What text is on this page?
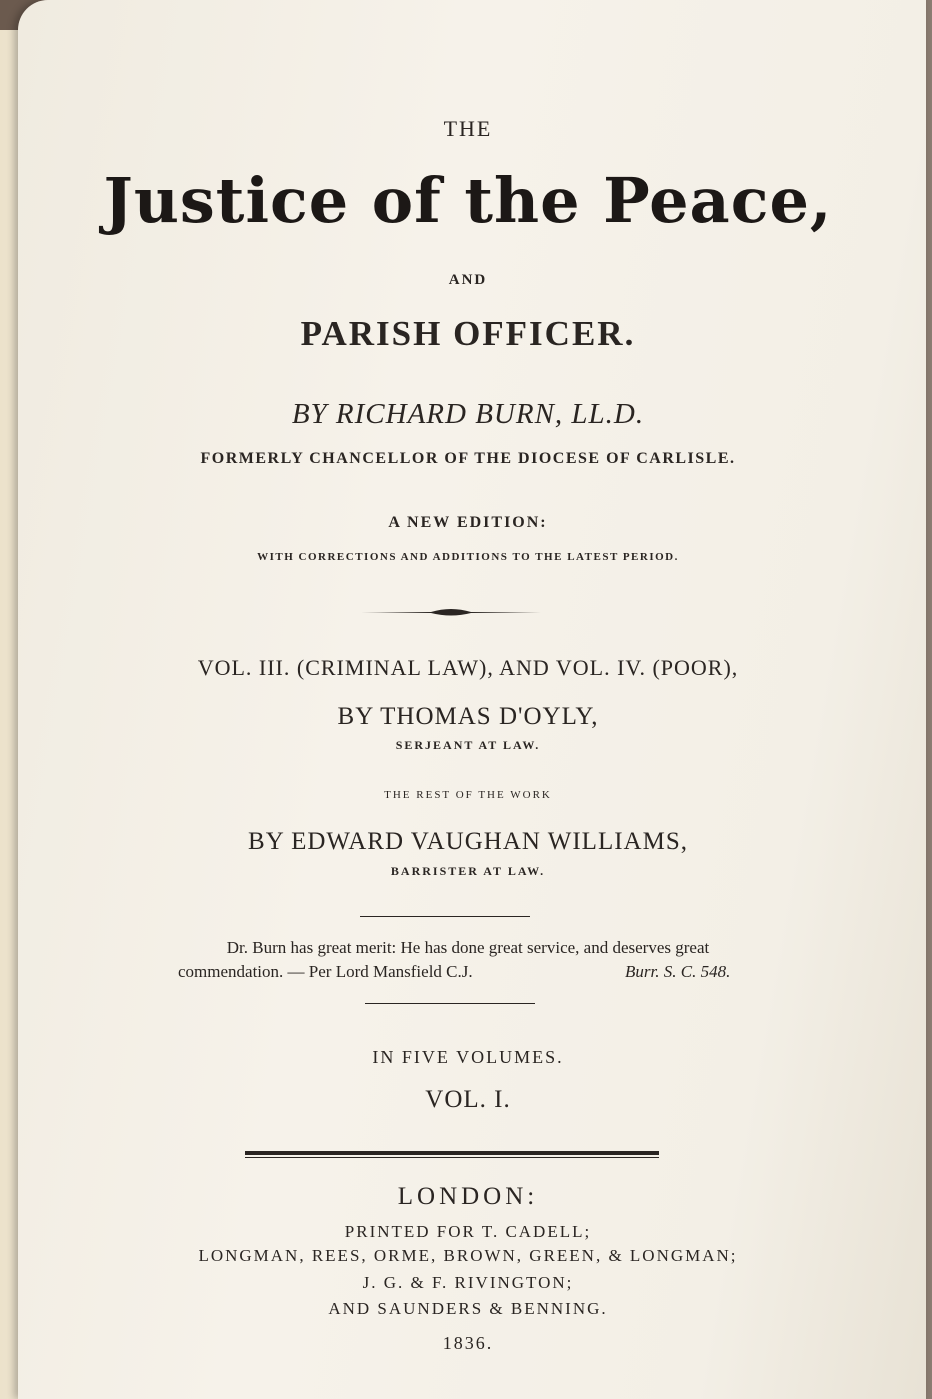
THE

Justice of the Peace,

AND

PARISH OFFICER.

BY RICHARD BURN, LL.D.

FORMERLY CHANCELLOR OF THE DIOCESE OF CARLISLE.

A NEW EDITION:

WITH CORRECTIONS AND ADDITIONS TO THE LATEST PERIOD.

VOL. III. (CRIMINAL LAW), AND VOL. IV. (POOR),

BY THOMAS D'OYLY,

SERJEANT AT LAW.

THE REST OF THE WORK

BY EDWARD VAUGHAN WILLIAMS,

BARRISTER AT LAW.

Dr. Burn has great merit: He has done great service, and deserves great

commendation. — Per Lord Mansfield C.J.	Burr. S. C. 548.

IN FIVE VOLUMES.

VOL. I.

LONDON:

PRINTED FOR T. CADELL;

LONGMAN, REES, ORME, BROWN, GREEN, & LONGMAN;

J. G. & F. RIVINGTON;

AND SAUNDERS & BENNING.

1836.
